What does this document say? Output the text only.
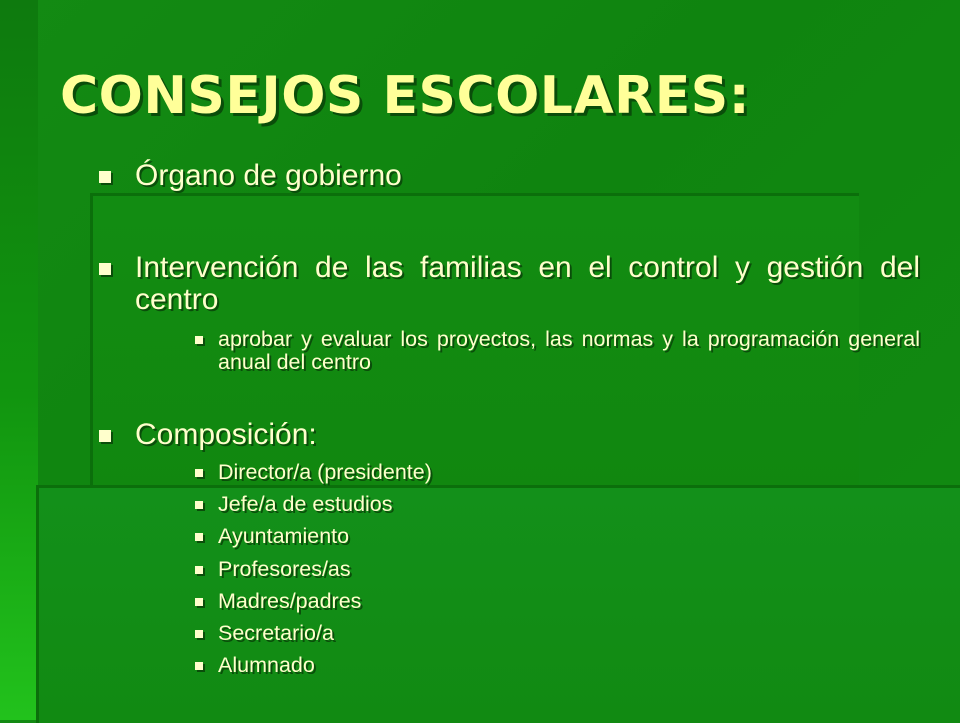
CONSEJOS ESCOLARES:
Órgano de gobierno
Intervención de las familias en el control y gestión del centro
aprobar y evaluar los proyectos, las normas y la programación general anual del centro
Composición:
Director/a (presidente)
Jefe/a de estudios
Ayuntamiento
Profesores/as
Madres/padres
Secretario/a
Alumnado
